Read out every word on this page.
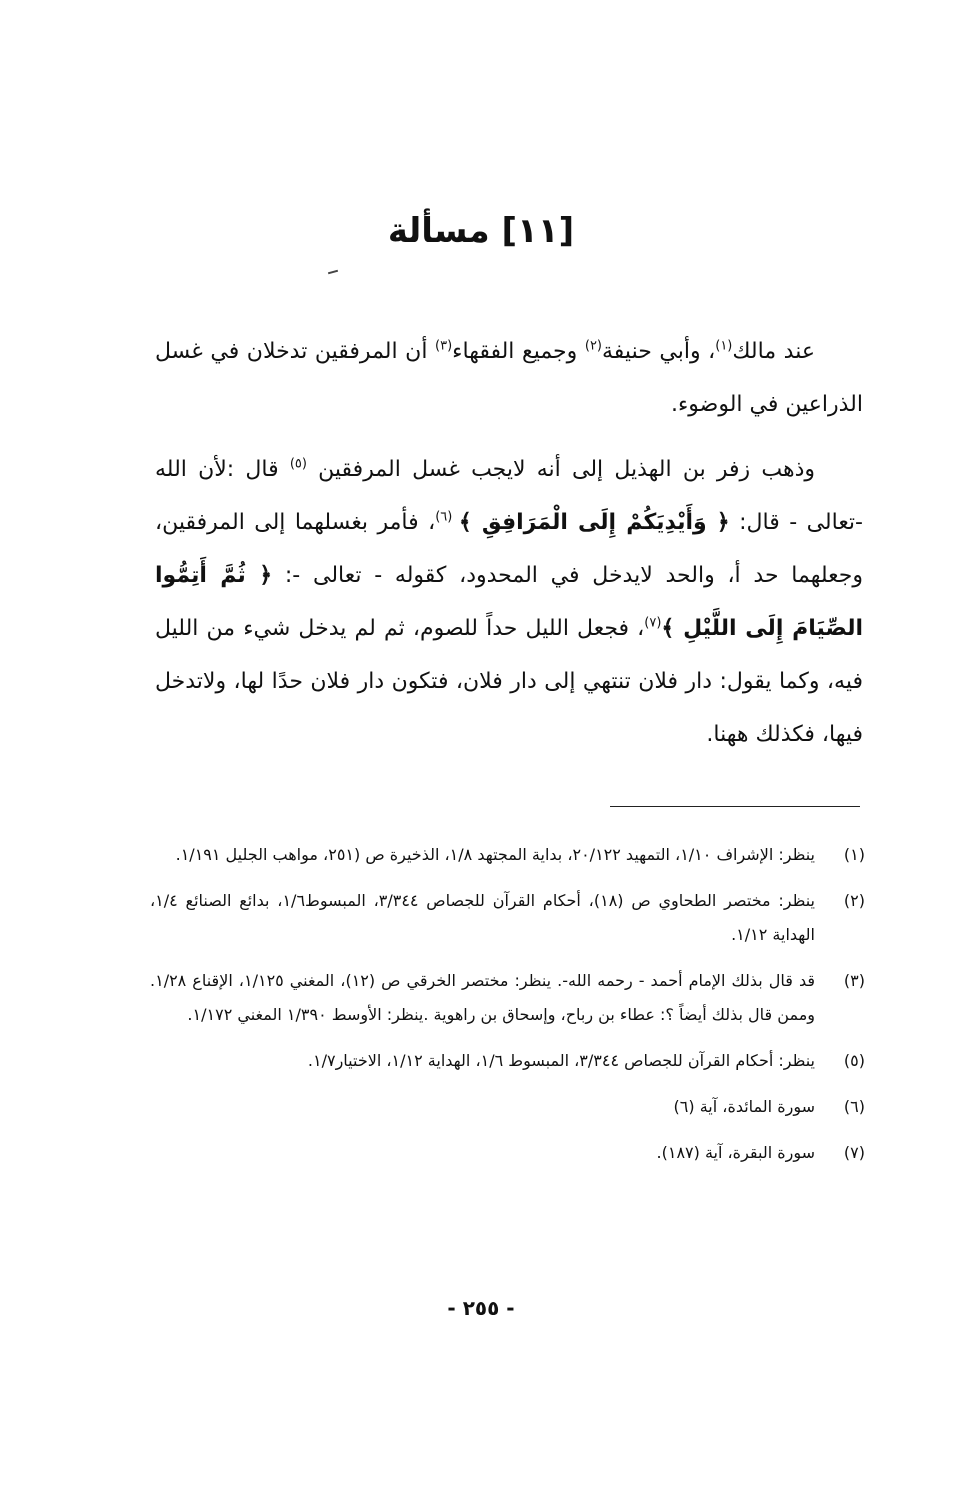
[١١] مسألة

عند مالك$^{(١)}$، وأبي حنيفة$^{(٢)}$ وجميع الفقهاء$^{(٣)}$ أن المرفقين تدخلان في غسل الذراعين في الوضوء.

وذهب زفر بن الهذيل إلى أنه لايجب غسل المرفقين $^{(٥)}$ قال :لأن الله -تعالى - قال: ﴿ وَأَيْدِيَكُمْ إِلَى الْمَرَافِقِ ﴾ $^{(٦)}$، فأمر بغسلهما إلى المرفقين، وجعلهما حد أ، والحد لايدخل في المحدود، كقوله - تعالى -: ﴿ ثُمَّ أَتِمُّوا الصِّيَامَ إِلَى اللَّيْلِ ﴾$^{(٧)}$، فجعل الليل حداً للصوم، ثم لم يدخل شيء من الليل فيه، وكما يقول: دار فلان تنتهي إلى دار فلان، فتكون دار فلان حدًا لها، ولاتدخل فيها، فكذلك ههنا.

(١)
ينظر: الإشراف ١/١٠، التمهيد ٢٠/١٢٢، بداية المجتهد ١/٨، الذخيرة ص (٢٥١، مواهب الجليل ١/١٩١.
(٢)
ينظر: مختصر الطحاوي ص (١٨)، أحكام القرآن للجصاص ٣/٣٤٤، المبسوط١/٦، بدائع الصنائع ١/٤، الهداية ١/١٢.
(٣)
قد قال بذلك الإمام أحمد - رحمه الله-. ينظر: مختصر الخرقي ص (١٢)، المغني ١/١٢٥، الإقناع ١/٢٨. وممن قال بذلك أيضاً ؟: عطاء بن رباح، وإسحاق بن راهوية .ينظر: الأوسط ١/٣٩٠ المغني ١/١٧٢.
(٥)
ينظر: أحكام القرآن للجصاص ٣/٣٤٤، المبسوط ١/٦، الهداية ١/١٢، الاختيار١/٧.
(٦)
سورة المائدة، آية (٦)
(٧)
سورة البقرة، آية (١٨٧).
- ٢٥٥ -
